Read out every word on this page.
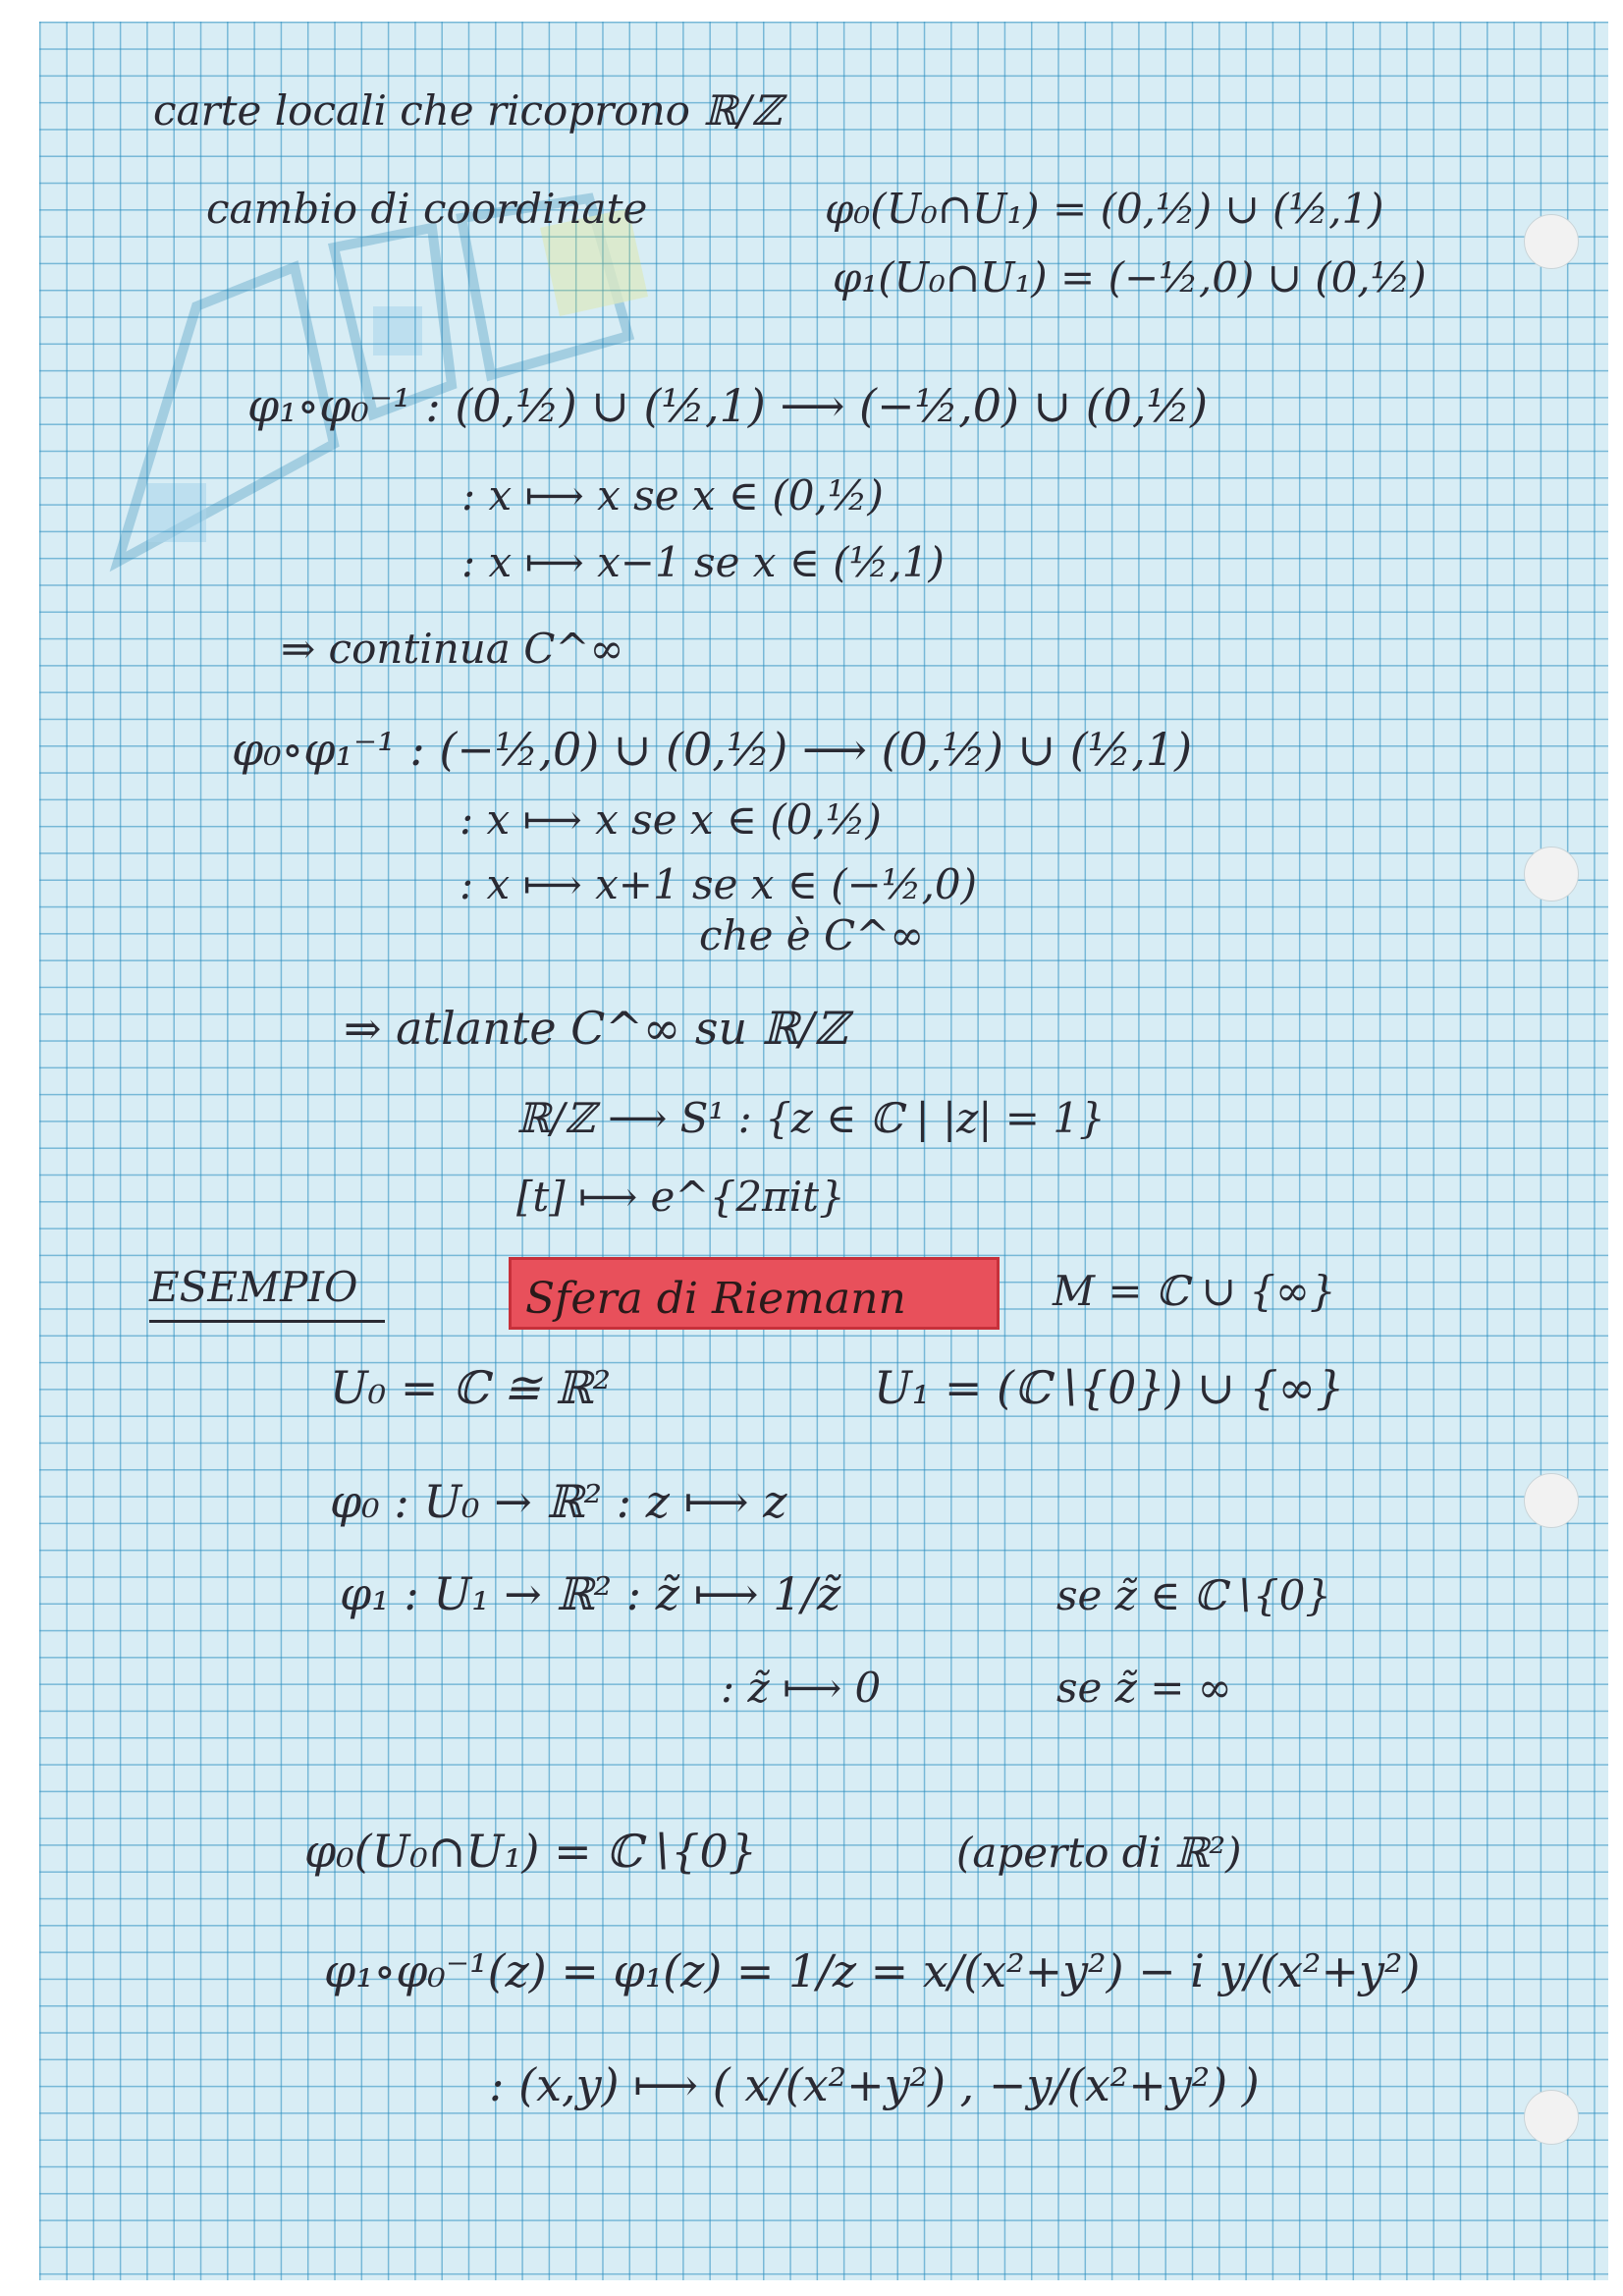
carte locali che ricoprono ℝ/ℤ
cambio di coordinate	φ₀(U₀∩U₁) = (0,½) ∪ (½,1)
φ₁(U₀∩U₁) = (−½,0) ∪ (0,½)
φ₁∘φ₀⁻¹ : (0,½) ∪ (½,1) ⟶ (−½,0) ∪ (0,½)
: x ⟼ x se x ∈ (0,½)
: x ⟼ x−1 se x ∈ (½,1)
⇒ continua C^∞
φ₀∘φ₁⁻¹ : (−½,0) ∪ (0,½) ⟶ (0,½) ∪ (½,1)
: x ⟼ x se x ∈ (0,½)
: x ⟼ x+1 se x ∈ (−½,0)
che è C^∞
⇒ atlante C^∞ su ℝ/ℤ
ℝ/ℤ ⟶ S¹ : {z ∈ ℂ | |z| = 1}
[t] ⟼ e^{2πit}
ESEMPIO	Sfera di Riemann	M = ℂ ∪ {∞}
U₀ = ℂ ≅ ℝ²	U₁ = (ℂ∖{0}) ∪ {∞}
φ₀ : U₀ → ℝ² : z ⟼ z
φ₁ : U₁ → ℝ² : z̃ ⟼ 1/z̃	se z̃ ∈ ℂ∖{0}
: z̃ ⟼ 0	se z̃ = ∞
φ₀(U₀∩U₁) = ℂ∖{0}	(aperto di ℝ²)
φ₁∘φ₀⁻¹(z) = φ₁(z) = 1/z = x/(x²+y²) − i y/(x²+y²)
: (x,y) ⟼ ( x/(x²+y²) , −y/(x²+y²) )
